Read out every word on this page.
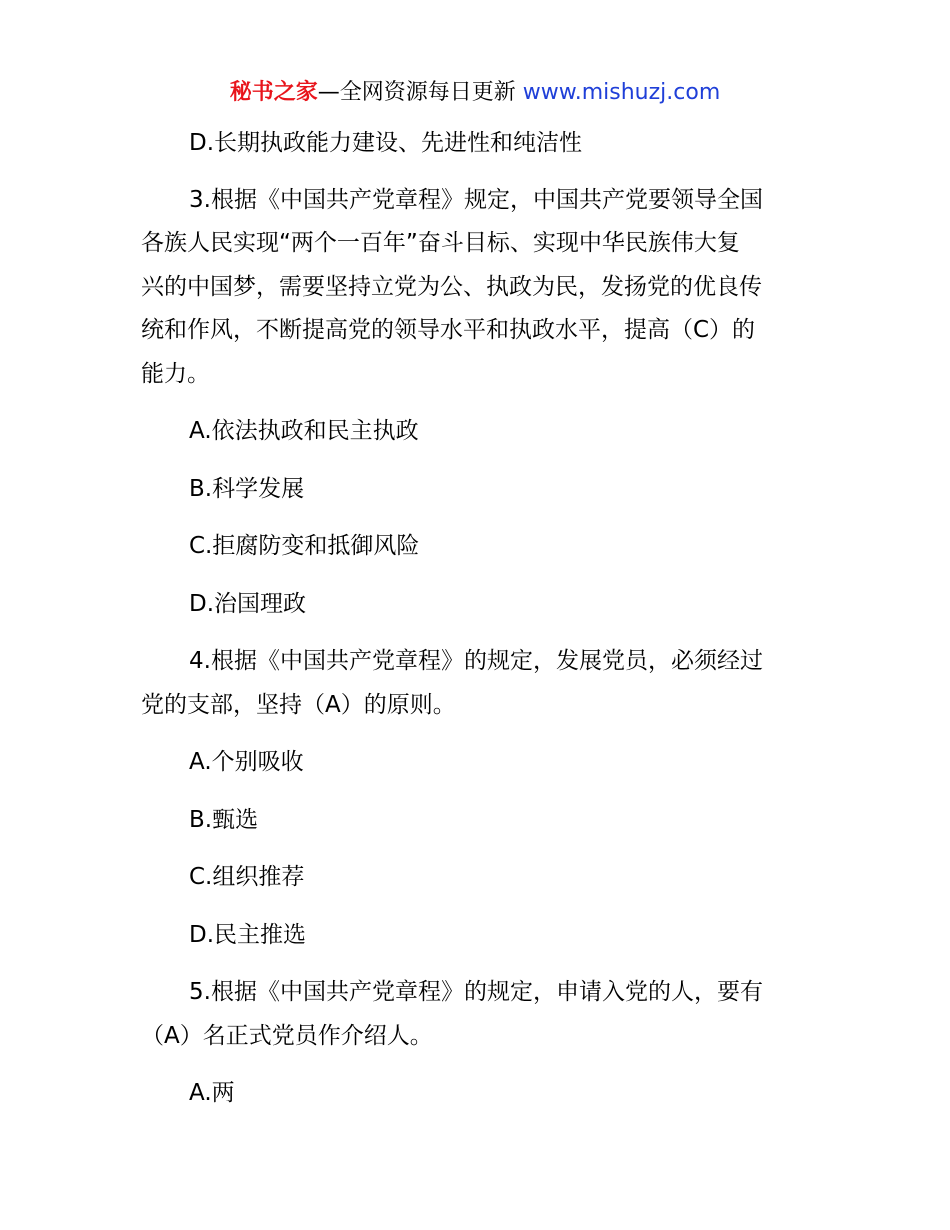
秘书之家—全网资源每日更新 www.mishuzj.com
D.长期执政能力建设、先进性和纯洁性
3.根据《中国共产党章程》规定，中国共产党要领导全国
各族人民实现“两个一百年”奋斗目标、实现中华民族伟大复
兴的中国梦，需要坚持立党为公、执政为民，发扬党的优良传
统和作风，不断提高党的领导水平和执政水平，提高（C）的
能力。
A.依法执政和民主执政
B.科学发展
C.拒腐防变和抵御风险
D.治国理政
4.根据《中国共产党章程》的规定，发展党员，必须经过
党的支部，坚持（A）的原则。
A.个别吸收
B.甄选
C.组织推荐
D.民主推选
5.根据《中国共产党章程》的规定，申请入党的人，要有
（A）名正式党员作介绍人。
A.两
